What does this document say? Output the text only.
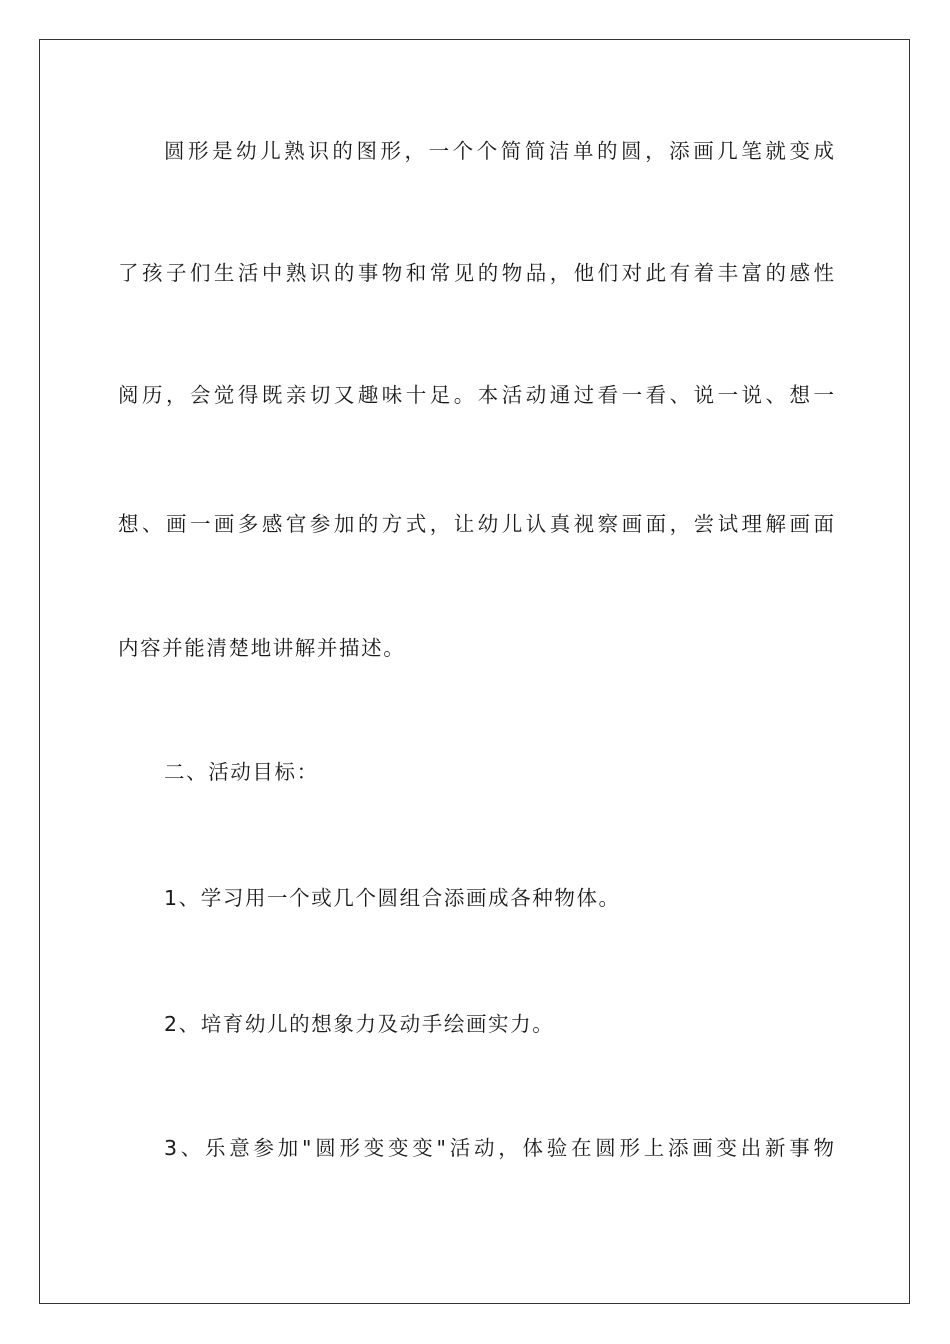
圆形是幼儿熟识的图形，一个个简简洁单的圆，添画几笔就变成
了孩子们生活中熟识的事物和常见的物品，他们对此有着丰富的感性
阅历，会觉得既亲切又趣味十足。本活动通过看一看、说一说、想一
想、画一画多感官参加的方式，让幼儿认真视察画面，尝试理解画面
内容并能清楚地讲解并描述。
二、活动目标：
1、学习用一个或几个圆组合添画成各种物体。
2、培育幼儿的想象力及动手绘画实力。
3、乐意参加"圆形变变变"活动，体验在圆形上添画变出新事物
